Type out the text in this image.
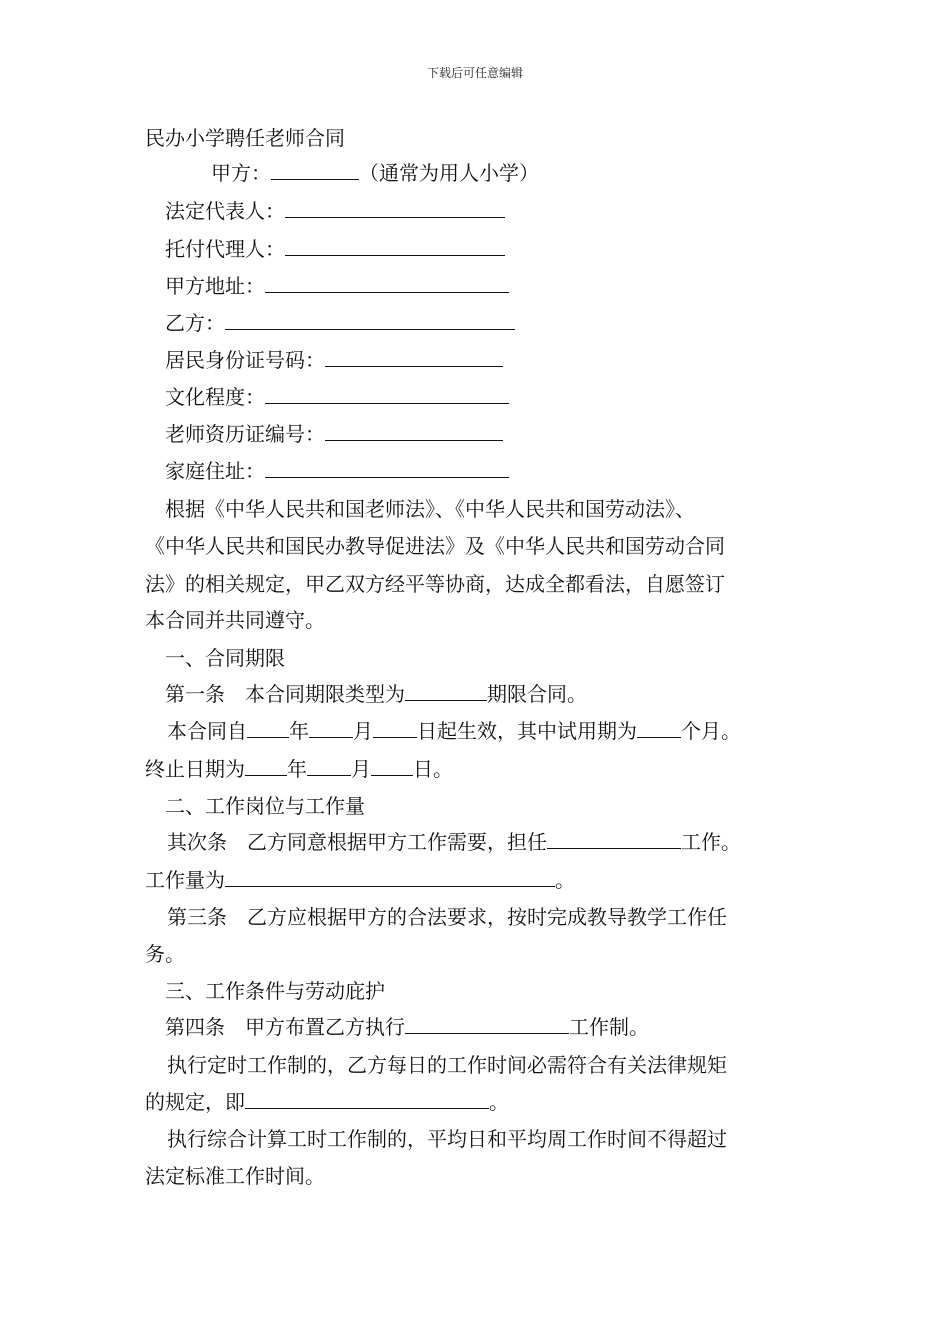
下载后可任意编辑
民办小学聘任老师合同
甲方：	（通常为用人小学）
法定代表人：
托付代理人：
甲方地址：
乙方：
居民身份证号码：
文化程度：
老师资历证编号：
家庭住址：
根据《中华人民共和国老师法》、《中华人民共和国劳动法》、
《中华人民共和国民办教导促进法》及《中华人民共和国劳动合同
法》的相关规定，甲乙双方经平等协商，达成全都看法，自愿签订
本合同并共同遵守。
一、合同期限
第一条　本合同期限类型为	期限合同。
本合同自 年 月 日起生效，其中试用期为 个月。
终止日期为 年 月 日。
二、工作岗位与工作量
其次条　乙方同意根据甲方工作需要，担任	工作。
工作量为	。
第三条　乙方应根据甲方的合法要求，按时完成教导教学工作任
务。
三、工作条件与劳动庇护
第四条　甲方布置乙方执行	工作制。
执行定时工作制的，乙方每日的工作时间必需符合有关法律规矩
的规定，即	。
执行综合计算工时工作制的，平均日和平均周工作时间不得超过
法定标准工作时间。
